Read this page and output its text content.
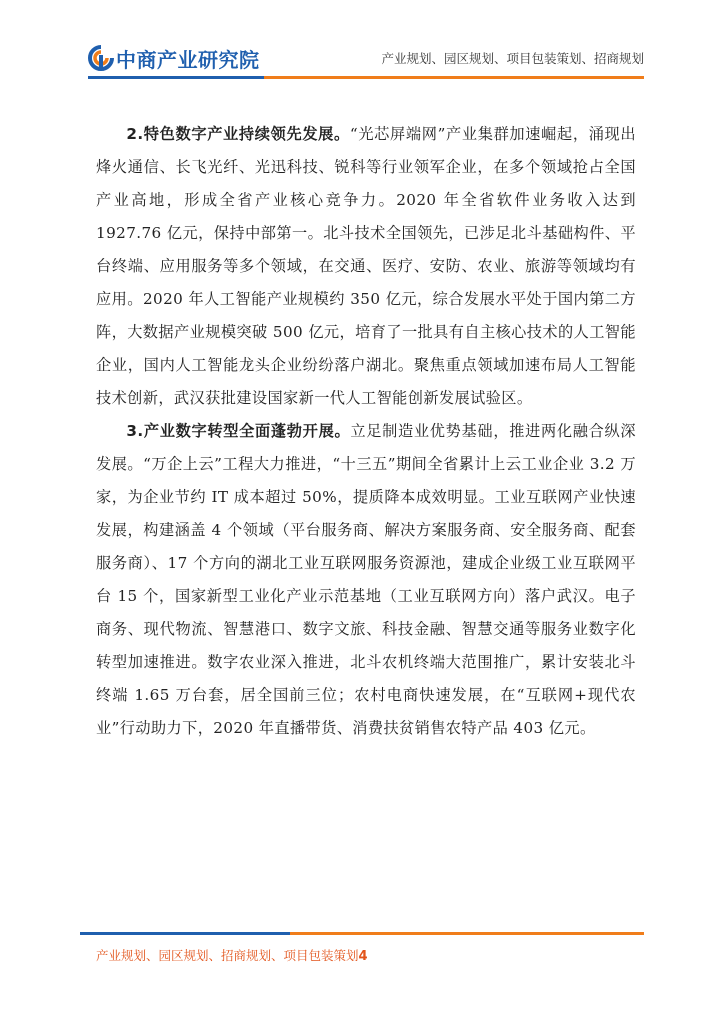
中商产业研究院	产业规划、园区规划、项目包装策划、招商规划

2.特色数字产业持续领先发展。“光芯屏端网”产业集群加速崛起，涌现出烽火通信、长飞光纤、光迅科技、锐科等行业领军企业，在多个领域抢占全国产业高地，形成全省产业核心竞争力。2020 年全省软件业务收入达到 1927.76 亿元，保持中部第一。北斗技术全国领先，已涉足北斗基础构件、平台终端、应用服务等多个领域，在交通、医疗、安防、农业、旅游等领域均有应用。2020 年人工智能产业规模约 350 亿元，综合发展水平处于国内第二方阵，大数据产业规模突破 500 亿元，培育了一批具有自主核心技术的人工智能企业，国内人工智能龙头企业纷纷落户湖北。聚焦重点领域加速布局人工智能技术创新，武汉获批建设国家新一代人工智能创新发展试验区。

3.产业数字转型全面蓬勃开展。立足制造业优势基础，推进两化融合纵深发展。“万企上云”工程大力推进，“十三五”期间全省累计上云工业企业 3.2 万家，为企业节约 IT 成本超过 50%，提质降本成效明显。工业互联网产业快速发展，构建涵盖 4 个领域（平台服务商、解决方案服务商、安全服务商、配套服务商）、17 个方向的湖北工业互联网服务资源池，建成企业级工业互联网平台 15 个，国家新型工业化产业示范基地（工业互联网方向）落户武汉。电子商务、现代物流、智慧港口、数字文旅、科技金融、智慧交通等服务业数字化转型加速推进。数字农业深入推进，北斗农机终端大范围推广，累计安装北斗终端 1.65 万台套，居全国前三位；农村电商快速发展，在“互联网+现代农业”行动助力下，2020 年直播带货、消费扶贫销售农特产品 403 亿元。

产业规划、园区规划、招商规划、项目包装策划4
